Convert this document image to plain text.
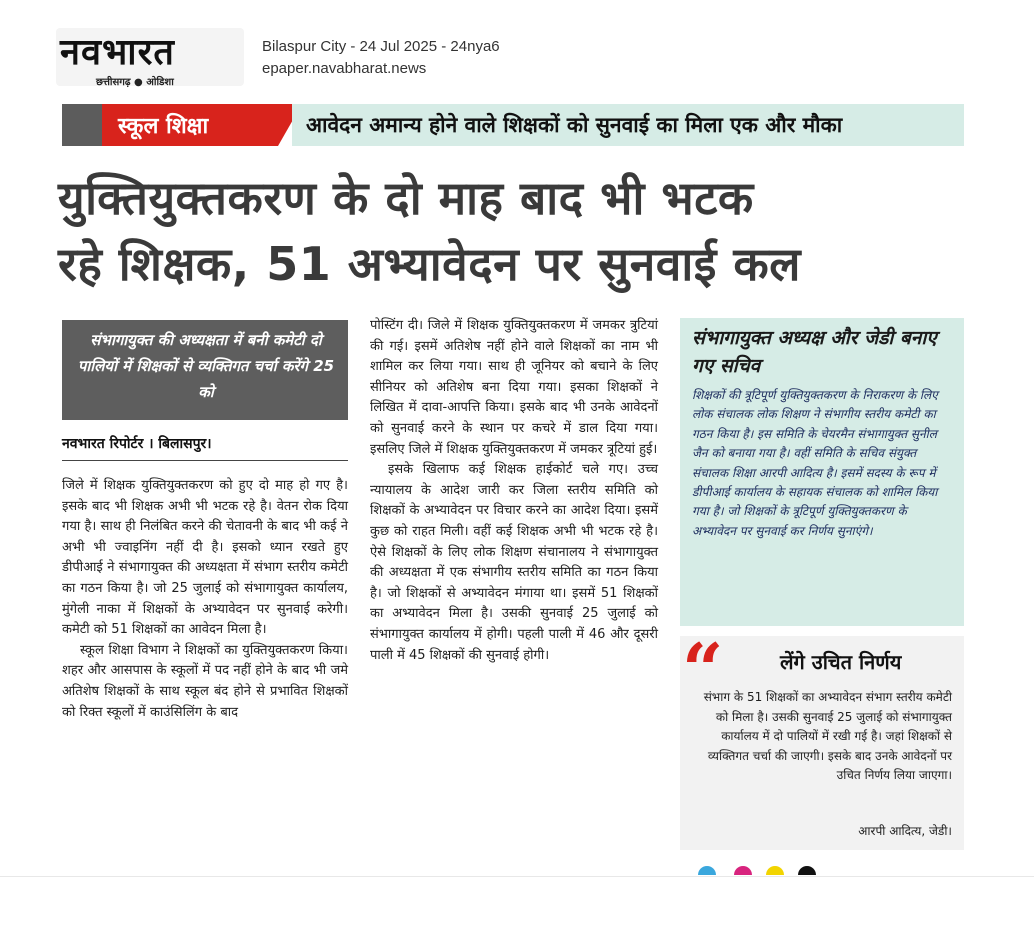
नवभारत
छत्तीसगढ़ ● ओडिशा
Bilaspur City - 24 Jul 2025 - 24nya6
epaper.navabharat.news
स्कूल शिक्षा	आवेदन अमान्य होने वाले शिक्षकों को सुनवाई का मिला एक और मौका
युक्तियुक्तकरण के दो माह बाद भी भटक
रहे शिक्षक, 51 अभ्यावेदन पर सुनवाई कल
संभागायुक्त की अध्यक्षता में बनी कमेटी दो पालियों में शिक्षकों से व्यक्तिगत चर्चा करेंगे 25 को
नवभारत रिपोर्टर । बिलासपुर।

जिले में शिक्षक युक्तियुक्तकरण को हुए दो माह हो गए है। इसके बाद भी शिक्षक अभी भी भटक रहे है। वेतन रोक दिया गया है। साथ ही निलंबित करने की चेतावनी के बाद भी कई ने अभी भी ज्वाइनिंग नहीं दी है। इसको ध्यान रखते हुए डीपीआई ने संभागायुक्त की अध्यक्षता में संभाग स्तरीय कमेटी का गठन किया है। जो 25 जुलाई को संभागायुक्त कार्यालय, मुंगेली नाका में शिक्षकों के अभ्यावेदन पर सुनवाई करेगी। कमेटी को 51 शिक्षकों का आवेदन मिला है।

स्कूल शिक्षा विभाग ने शिक्षकों का युक्तियुक्तकरण किया। शहर और आसपास के स्कूलों में पद नहीं होने के बाद भी जमे अतिशेष शिक्षकों के साथ स्कूल बंद होने से प्रभावित शिक्षकों को रिक्त स्कूलों में काउंसिलिंग के बाद

पोस्टिंग दी। जिले में शिक्षक युक्तियुक्तकरण में जमकर त्रुटियां की गई। इसमें अतिशेष नहीं होने वाले शिक्षकों का नाम भी शामिल कर लिया गया। साथ ही जूनियर को बचाने के लिए सीनियर को अतिशेष बना दिया गया। इसका शिक्षकों ने लिखित में दावा-आपत्ति किया। इसके बाद भी उनके आवेदनों को सुनवाई करने के स्थान पर कचरे में डाल दिया गया। इसलिए जिले में शिक्षक युक्तियुक्तकरण में जमकर त्रूटियां हुई।

इसके खिलाफ कई शिक्षक हाईकोर्ट चले गए। उच्च न्यायालय के आदेश जारी कर जिला स्तरीय समिति को शिक्षकों के अभ्यावेदन पर विचार करने का आदेश दिया। इसमें कुछ को राहत मिली। वहीं कई शिक्षक अभी भी भटक रहे है। ऐसे शिक्षकों के लिए लोक शिक्षण संचानालय ने संभागायुक्त की अध्यक्षता में एक संभागीय स्तरीय समिति का गठन किया है। जो शिक्षकों से अभ्यावेदन मंगाया था। इसमें 51 शिक्षकों का अभ्यावेदन मिला है। उसकी सुनवाई 25 जुलाई को संभागायुक्त कार्यालय में होगी। पहली पाली में 46 और दूसरी पाली में 45 शिक्षकों की सुनवाई होगी।

संभागायुक्त अध्यक्ष और जेडी बनाए गए सचिव
शिक्षकों की त्रूटिपूर्ण युक्तियुक्तकरण के निराकरण के लिए लोक संचालक लोक शिक्षण ने संभागीय स्तरीय कमेटी का गठन किया है। इस समिति के चेयरमैन संभागायुक्त सुनील जैन को बनाया गया है। वहीं समिति के सचिव संयुक्त संचालक शिक्षा आरपी आदित्य है। इसमें सदस्य के रूप में डीपीआई कार्यालय के सहायक संचालक को शामिल किया गया है। जो शिक्षकों के त्रूटिपूर्ण युक्तियुक्तकरण के अभ्यावेदन पर सुनवाई कर निर्णय सुनाएंगे।
“	लेंगे उचित निर्णय
संभाग के 51 शिक्षकों का अभ्यावेदन संभाग स्तरीय कमेटी को मिला है। उसकी सुनवाई 25 जुलाई को संभागायुक्त कार्यालय में दो पालियों में रखी गई है। जहां शिक्षकों से व्यक्तिगत चर्चा की जाएगी। इसके बाद उनके आवेदनों पर उचित निर्णय लिया जाएगा।
आरपी आदित्य, जेडी।
